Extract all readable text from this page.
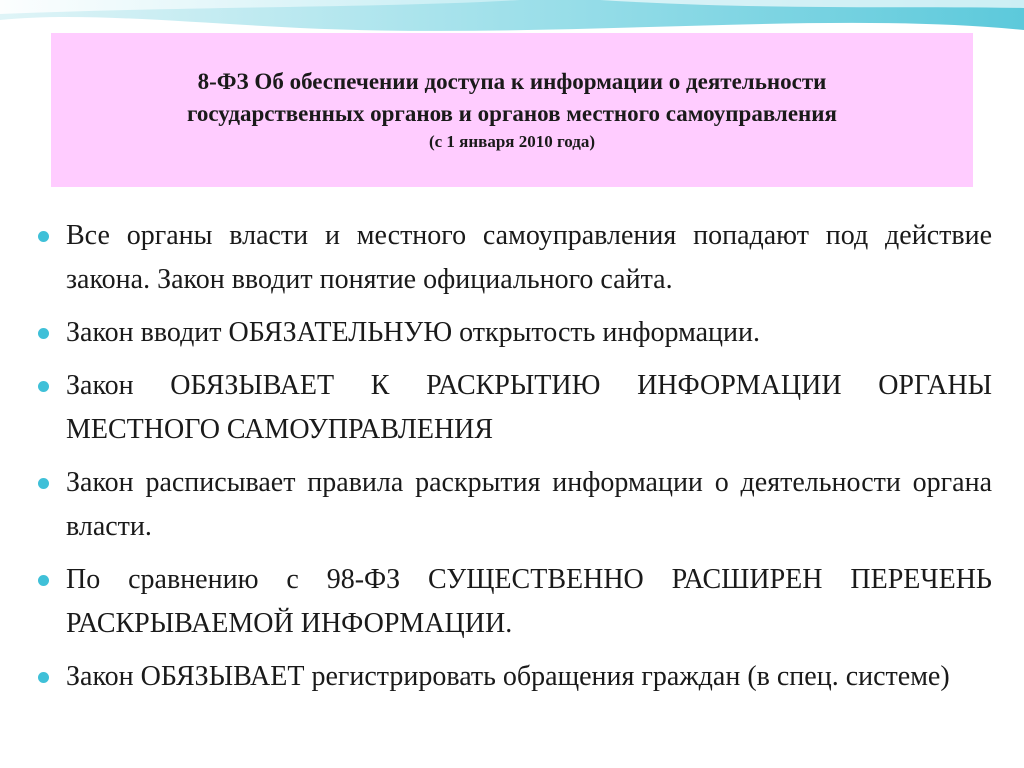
8-ФЗ Об обеспечении доступа к информации о деятельности

государственных органов и органов местного самоуправления

(с 1 января 2010 года)

Все органы власти и местного самоуправления попадают под действие закона. Закон вводит понятие официального сайта.
Закон вводит ОБЯЗАТЕЛЬНУЮ открытость информации.
Закон ОБЯЗЫВАЕТ К РАСКРЫТИЮ ИНФОРМАЦИИ ОРГАНЫ МЕСТНОГО САМОУПРАВЛЕНИЯ
Закон расписывает правила раскрытия информации о деятельности органа власти.
По сравнению с 98-ФЗ СУЩЕСТВЕННО РАСШИРЕН ПЕРЕЧЕНЬ РАСКРЫВАЕМОЙ ИНФОРМАЦИИ.
Закон ОБЯЗЫВАЕТ регистрировать обращения граждан (в спец. системе)
